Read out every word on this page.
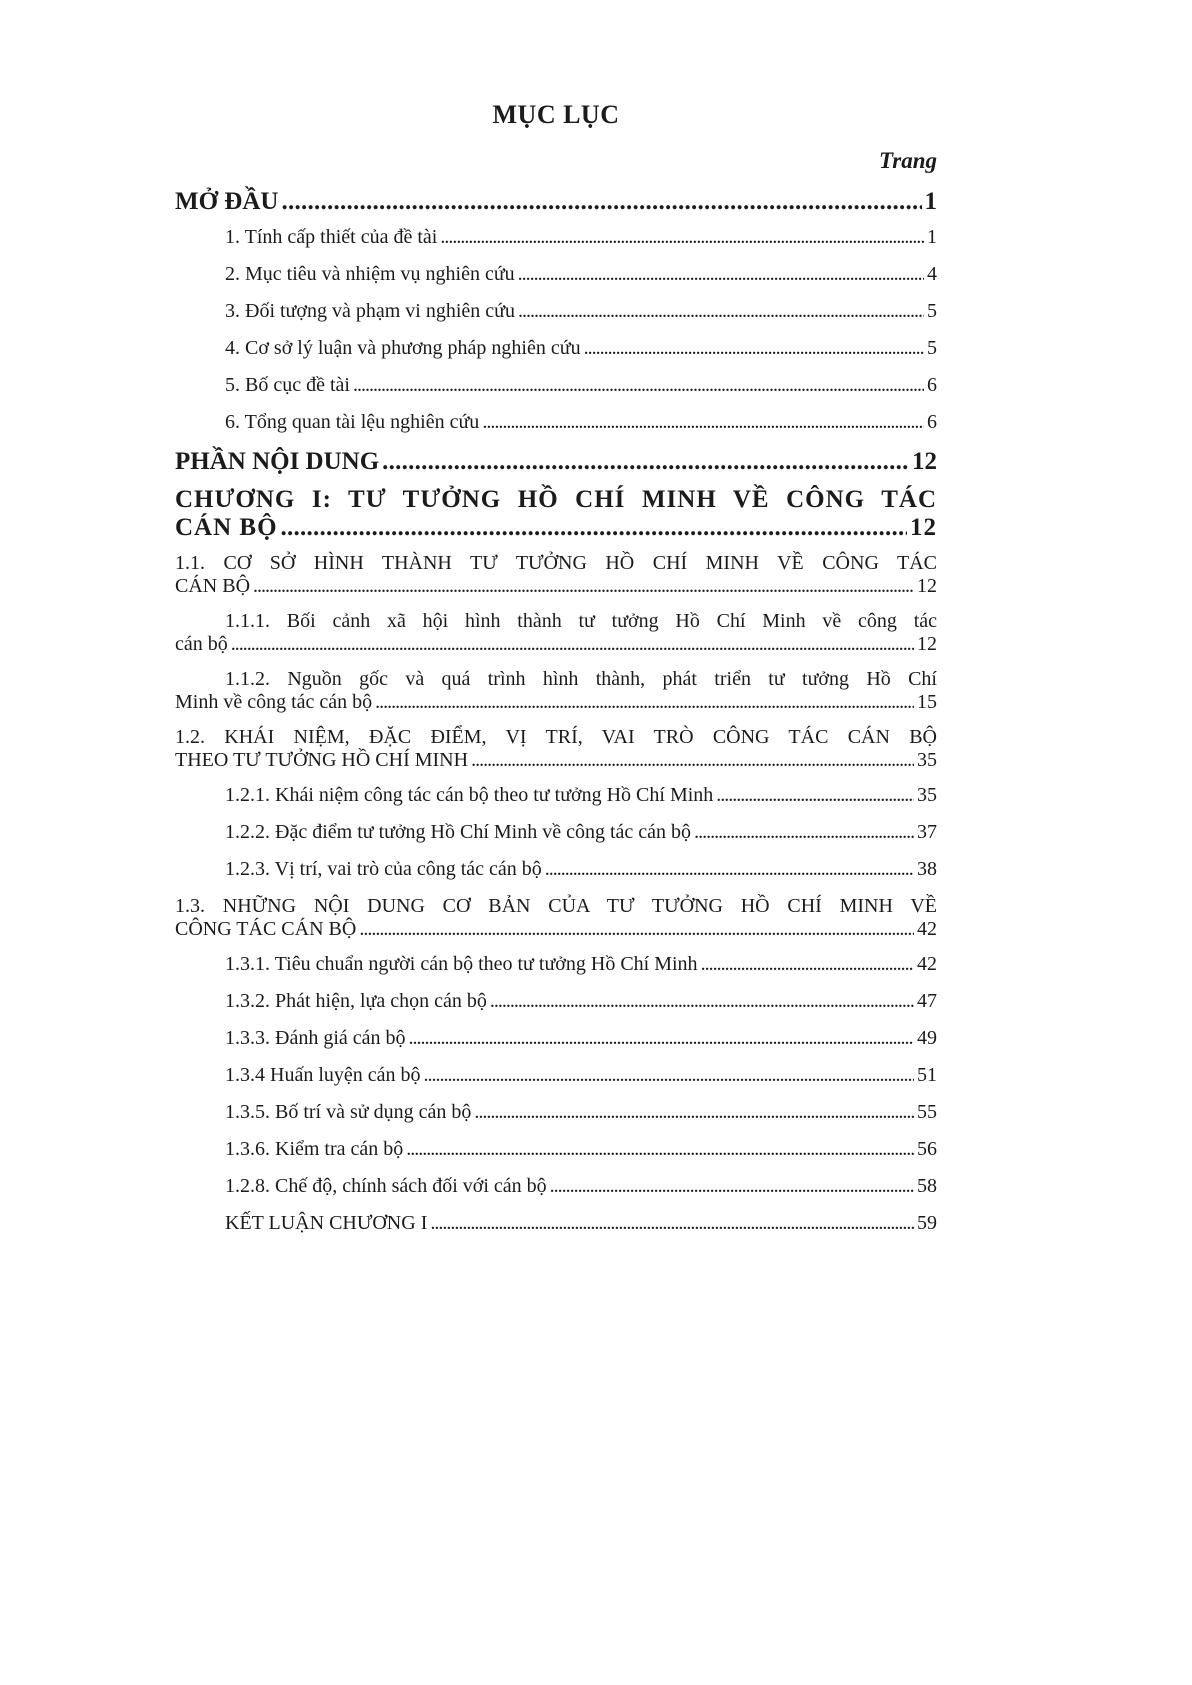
MỤC LỤC
Trang
MỞ ĐẦU . . .	1
1. Tính cấp thiết của đề tài . . .	1
2. Mục tiêu và nhiệm vụ nghiên cứu . . .	4
3. Đối tượng và phạm vi nghiên cứu . . .	5
4. Cơ sở lý luận và phương pháp nghiên cứu . . .	5
5. Bố cục đề tài . . .	6
6. Tổng quan tài lệu nghiên cứu . . .	6
PHẦN NỘI DUNG . . .	12
CHƯƠNG I: TƯ TƯỞNG HỒ CHÍ MINH VỀ CÔNG TÁC
CÁN BỘ . . .	12
1.1. CƠ SỞ HÌNH THÀNH TƯ TƯỞNG HỒ CHÍ MINH VỀ CÔNG TÁC
CÁN BỘ . . .	12
1.1.1. Bối cảnh xã hội hình thành tư tưởng Hồ Chí Minh về công tác
cán bộ . . .	12
1.1.2. Nguồn gốc và quá trình hình thành, phát triển tư tưởng Hồ Chí
Minh về công tác cán bộ . . .	15
1.2. KHÁI NIỆM, ĐẶC ĐIỂM, VỊ TRÍ, VAI TRÒ CÔNG TÁC CÁN BỘ
THEO TƯ TƯỞNG HỒ CHÍ MINH . . .	35
1.2.1. Khái niệm công tác cán bộ theo tư tưởng Hồ Chí Minh . . .	35
1.2.2. Đặc điểm tư tưởng Hồ Chí Minh về công tác cán bộ . . .	37
1.2.3. Vị trí, vai trò của công tác cán bộ . . .	38
1.3. NHỮNG NỘI DUNG CƠ BẢN CỦA TƯ TƯỞNG HỒ CHÍ MINH VỀ
CÔNG TÁC CÁN BỘ . . .	42
1.3.1. Tiêu chuẩn người cán bộ theo tư tưởng Hồ Chí Minh . . .	42
1.3.2. Phát hiện, lựa chọn cán bộ . . .	47
1.3.3. Đánh giá cán bộ . . .	49
1.3.4 Huấn luyện cán bộ . . .	51
1.3.5. Bố trí và sử dụng cán bộ . . .	55
1.3.6. Kiểm tra cán bộ . . .	56
1.2.8. Chế độ, chính sách đối với cán bộ . . .	58
KẾT LUẬN CHƯƠNG I . . .	59
